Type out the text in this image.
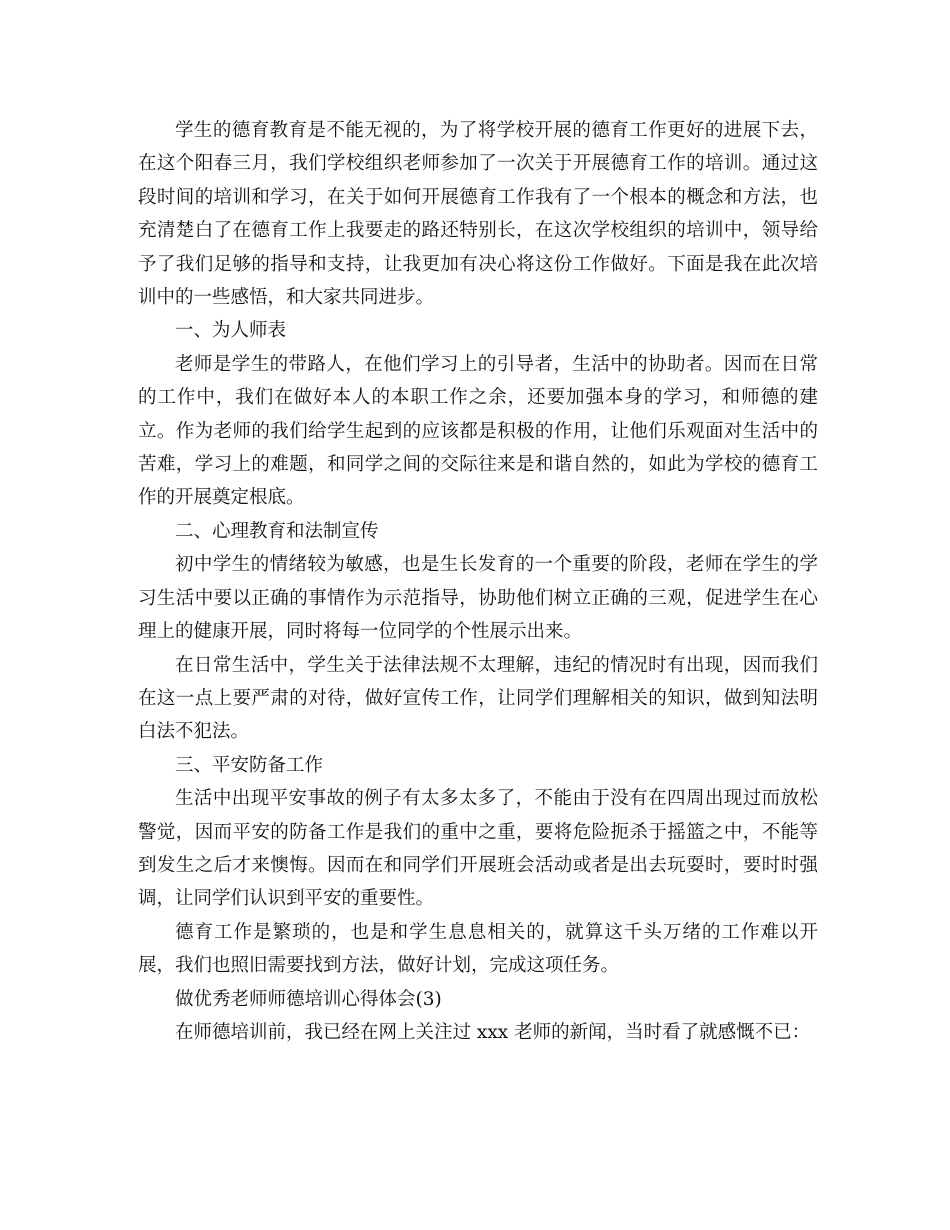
学生的德育教育是不能无视的，为了将学校开展的德育工作更好的进展下去，在这个阳春三月，我们学校组织老师参加了一次关于开展德育工作的培训。通过这段时间的培训和学习，在关于如何开展德育工作我有了一个根本的概念和方法，也充清楚白了在德育工作上我要走的路还特别长，在这次学校组织的培训中，领导给予了我们足够的指导和支持，让我更加有决心将这份工作做好。下面是我在此次培训中的一些感悟，和大家共同进步。

一、为人师表

老师是学生的带路人，在他们学习上的引导者，生活中的协助者。因而在日常的工作中，我们在做好本人的本职工作之余，还要加强本身的学习，和师德的建立。作为老师的我们给学生起到的应该都是积极的作用，让他们乐观面对生活中的苦难，学习上的难题，和同学之间的交际往来是和谐自然的，如此为学校的德育工作的开展奠定根底。

二、心理教育和法制宣传

初中学生的情绪较为敏感，也是生长发育的一个重要的阶段，老师在学生的学习生活中要以正确的事情作为示范指导，协助他们树立正确的三观，促进学生在心理上的健康开展，同时将每一位同学的个性展示出来。

在日常生活中，学生关于法律法规不太理解，违纪的情况时有出现，因而我们在这一点上要严肃的对待，做好宣传工作，让同学们理解相关的知识，做到知法明白法不犯法。

三、平安防备工作

生活中出现平安事故的例子有太多太多了，不能由于没有在四周出现过而放松警觉，因而平安的防备工作是我们的重中之重，要将危险扼杀于摇篮之中，不能等到发生之后才来懊悔。因而在和同学们开展班会活动或者是出去玩耍时，要时时强调，让同学们认识到平安的重要性。

德育工作是繁琐的，也是和学生息息相关的，就算这千头万绪的工作难以开展，我们也照旧需要找到方法，做好计划，完成这项任务。

做优秀老师师德培训心得体会(3)

在师德培训前，我已经在网上关注过 xxx 老师的新闻，当时看了就感慨不已：
